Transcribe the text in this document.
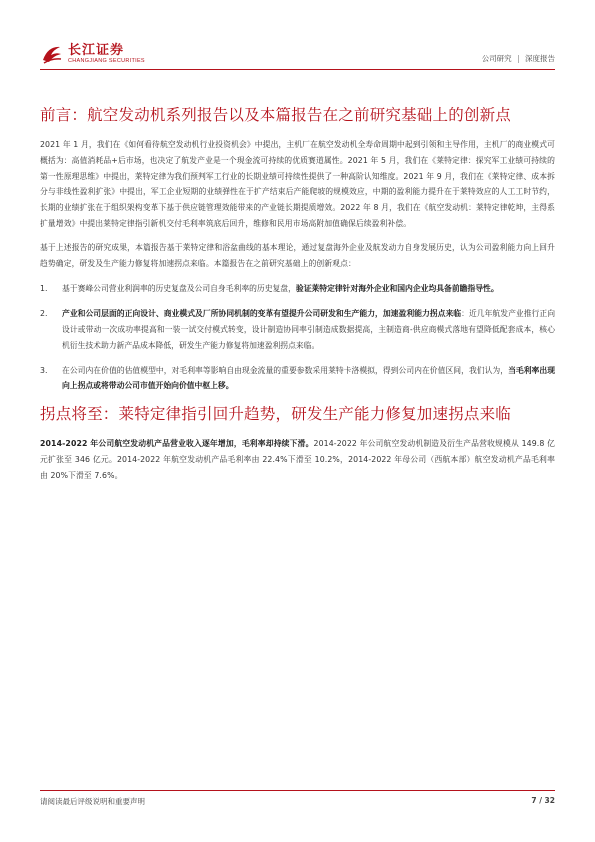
长江证券
CHANGJIANG SECURITIES	公司研究 | 深度报告
前言：航空发动机系列报告以及本篇报告在之前研究基础上的创新点

2021 年 1 月，我们在《如何看待航空发动机行业投资机会》中提出，主机厂在航空发动机全寿命周期中起到引领和主导作用，主机厂的商业模式可概括为：高值消耗品+后市场，也决定了航发产业是一个現金流可持续的优质赛道属性。2021 年 5 月，我们在《莱特定律：探究军工业绩可持续的第一性原理思维》中提出，莱特定律为我们预判军工行业的长期业绩可持续性提供了一种高阶认知维度。2021 年 9 月，我们在《莱特定律、成本拆分与非线性盈利扩张》中提出，军工企业短期的业绩弹性在于扩产结束后产能爬坡的规模效应，中期的盈利能力提升在于莱特效应的人工工时节约，长期的业绩扩张在于组织架构变革下基于供应链管理效能带来的产业链长期提质增效。2022 年 8 月，我们在《航空发动机：莱特定律乾坤，主得系扩量增效》中提出莱特定律指引新机交付毛利率筑底后回升，维修和民用市场高附加值确保后续盈利补偿。

基于上述报告的研究成果，本篇报告基于莱特定律和浴盆曲线的基本理论，通过复盘海外企业及航发动力自身发展历史，认为公司盈利能力向上回升趋势确定，研发及生产能力修复将加速拐点来临。本篇报告在之前研究基础上的创新观点：

1.	基于赛峰公司营业利润率的历史复盘及公司自身毛利率的历史复盘，验证莱特定律针对海外企业和国内企业均具备前瞻指导性。
2.	产业和公司层面的正向设计、商业模式及厂所协同机制的变革有望提升公司研发和生产能力，加速盈利能力拐点来临：近几年航发产业推行正向设计或带动一次成功率提高和一装一试交付模式转变，设计制造协同率引制造成数据提高，主制造商-供应商模式落地有望降低配套成本，核心机衍生技术助力新产品成本降低，研发生产能力修复将加速盈利拐点来临。
3.	在公司内在价值的估值模型中，对毛利率等影响自由现金流量的重要参数采用莱特卡洛模拟，得到公司内在价值区间，我们认为，当毛利率出现向上拐点或将带动公司市值开始向价值中枢上移。
拐点将至：莱特定律指引回升趋势，研发生产能力修复加速拐点来临

2014-2022 年公司航空发动机产品营业收入逐年增加，毛利率却持续下滑。2014-2022 年公司航空发动机制造及衍生产品营收规模从 149.8 亿元扩张至 346 亿元。2014-2022 年航空发动机产品毛利率由 22.4%下滑至 10.2%，2014-2022 年母公司（西航本部）航空发动机产品毛利率由 20%下滑至 7.6%。

请阅读最后评级说明和重要声明	7 / 32
